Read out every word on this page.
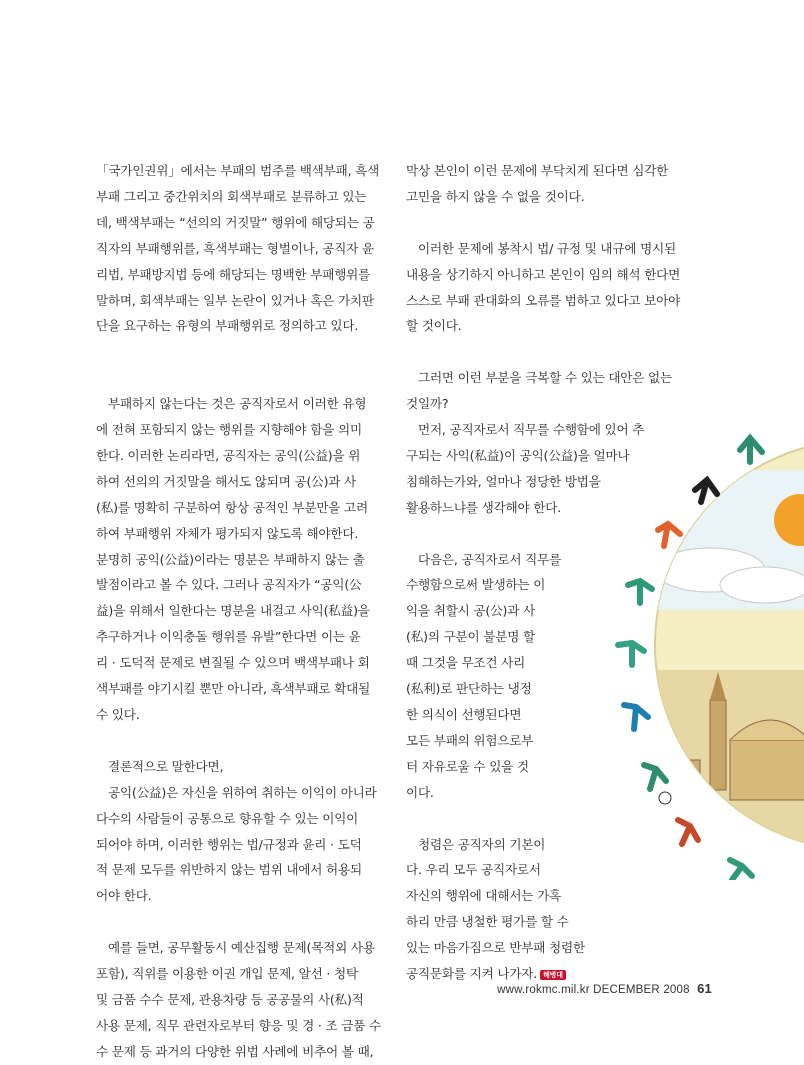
「국가인권위」에서는 부패의 범주를 백색부패, 흑색
부패 그리고 중간위치의 회색부패로 분류하고 있는
데, 백색부패는 “선의의 거짓말” 행위에 해당되는 공
직자의 부패행위를, 흑색부패는 형벌이나, 공직자 윤
리법, 부패방지법 등에 해당되는 명백한 부패행위를
말하며, 회색부패는 일부 논란이 있거나 혹은 가치판
단을 요구하는 유형의 부패행위로 정의하고 있다.
부패하지 않는다는 것은 공직자로서 이러한 유형
에 전혀 포함되지 않는 행위를 지향해야 함을 의미
한다. 이러한 논리라면, 공직자는 공익(公益)을 위
하여 선의의 거짓말을 해서도 않되며 공(公)과 사
(私)를 명확히 구분하여 항상 공적인 부분만을 고려
하여 부패행위 자체가 평가되지 않도록 해야한다.
분명히 공익(公益)이라는 명분은 부패하지 않는 출
발점이라고 볼 수 있다. 그러나 공직자가 “공익(公
益)을 위해서 일한다는 명분을 내걸고 사익(私益)을
추구하거나 이익충돌 행위를 유발”한다면 이는 윤
리 · 도덕적 문제로 변질될 수 있으며 백색부패나 회
색부패를 야기시킬 뿐만 아니라, 흑색부패로 확대될
수 있다.
결론적으로 말한다면,
공익(公益)은 자신을 위하여 취하는 이익이 아니라
다수의 사람들이 공통으로 향유할 수 있는 이익이
되어야 하며, 이러한 행위는 법/규정과 윤리 · 도덕
적 문제 모두를 위반하지 않는 범위 내에서 허용되
어야 한다.
예를 들면, 공무활동시 예산집행 문제(목적외 사용
포함), 직위를 이용한 이권 개입 문제, 알선 · 청탁
및 금품 수수 문제, 관용차량 등 공공물의 사(私)적
사용 문제, 직무 관련자로부터 향응 및 경 · 조 금품 수
수 문제 등 과거의 다양한 위법 사례에 비추어 볼 때,
막상 본인이 이런 문제에 부닥치게 된다면 심각한
고민을 하지 않을 수 없을 것이다.
이러한 문제에 봉착시 법/ 규정 및 내규에 명시된
내용을 상기하지 아니하고 본인이 임의 해석 한다면
스스로 부패 관대화의 오류를 범하고 있다고 보아야
할 것이다.
그러면 이런 부분을 극복할 수 있는 대안은 없는
것일까?
먼저, 공직자로서 직무를 수행함에 있어 추
구되는 사익(私益)이 공익(公益)을 얼마나
침해하는가와, 얼마나 정당한 방법을
활용하느냐를 생각해야 한다.
다음은, 공직자로서 직무를
수행함으로써 발생하는 이
익을 취할시 공(公)과 사
(私)의 구분이 불분명 할
때 그것을 무조건 사리
(私利)로 판단하는 냉정
한 의식이 선행된다면
모든 부패의 위험으로부
터 자유로울 수 있을 것
이다.
청렴은 공직자의 기본이
다. 우리 모두 공직자로서
자신의 행위에 대해서는 가혹
하리 만큼 냉철한 평가를 할 수
있는 마음가짐으로 반부패 청렴한
공직문화를 지켜 나가자. 해병대
www.rokmc.mil.kr DECEMBER 2008 61
